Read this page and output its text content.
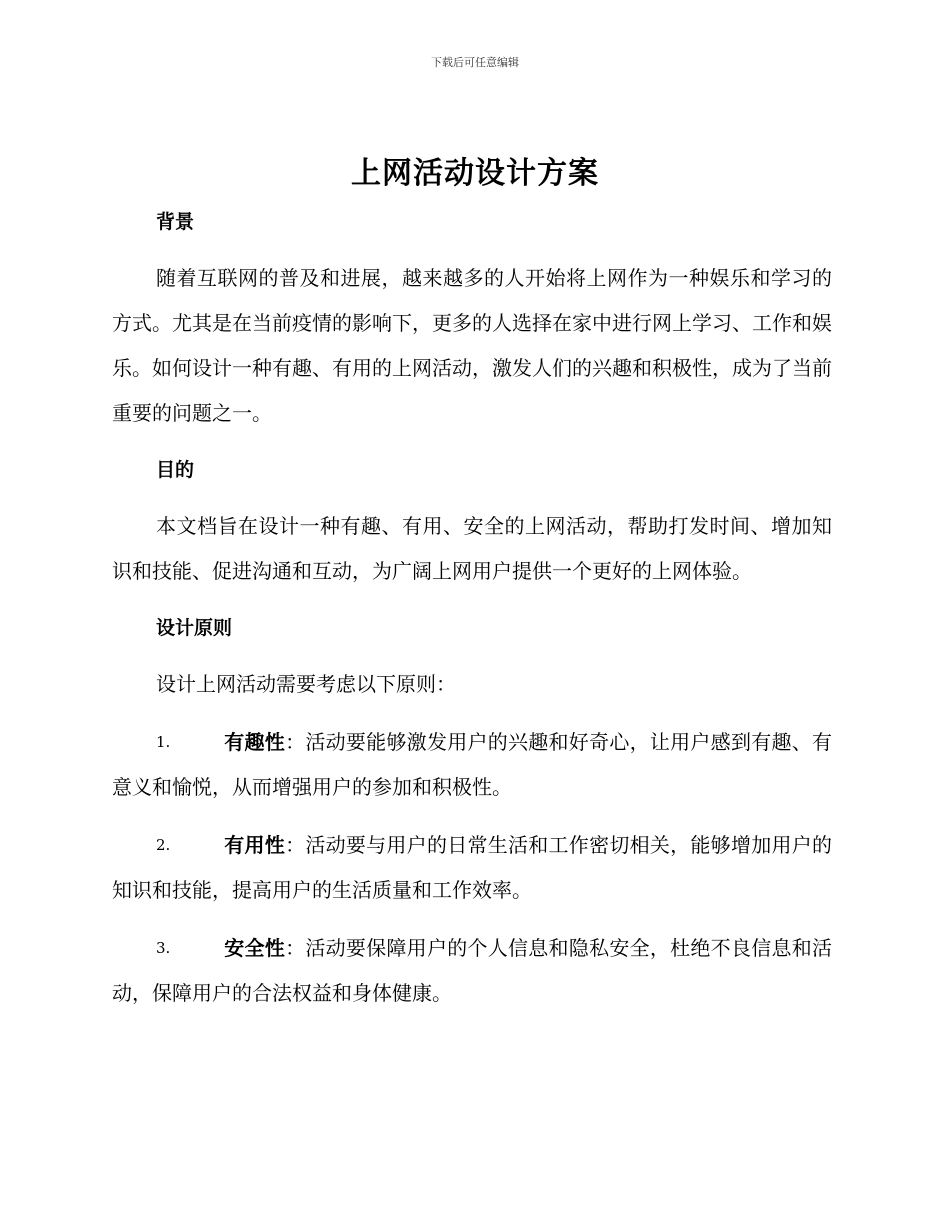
下载后可任意编辑
上网活动设计方案
背景

随着互联网的普及和进展，越来越多的人开始将上网作为一种娱乐和学习的方式。尤其是在当前疫情的影响下，更多的人选择在家中进行网上学习、工作和娱乐。如何设计一种有趣、有用的上网活动，激发人们的兴趣和积极性，成为了当前重要的问题之一。

目的

本文档旨在设计一种有趣、有用、安全的上网活动，帮助打发时间、增加知识和技能、促进沟通和互动，为广阔上网用户提供一个更好的上网体验。

设计原则

设计上网活动需要考虑以下原则：

1.	有趣性：活动要能够激发用户的兴趣和好奇心，让用户感到有趣、有意义和愉悦，从而增强用户的参加和积极性。

2.	有用性：活动要与用户的日常生活和工作密切相关，能够增加用户的知识和技能，提高用户的生活质量和工作效率。

3.	安全性：活动要保障用户的个人信息和隐私安全，杜绝不良信息和活动，保障用户的合法权益和身体健康。
